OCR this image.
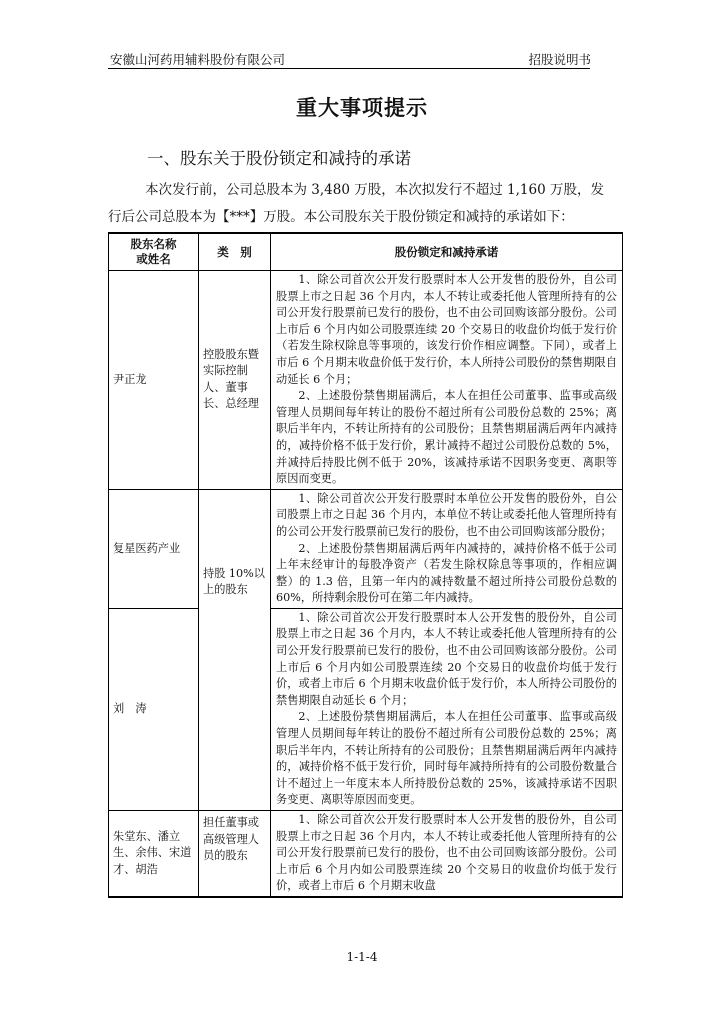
安徽山河药用辅料股份有限公司	招股说明书
重大事项提示
一、股东关于股份锁定和减持的承诺
本次发行前，公司总股本为 3,480 万股，本次拟发行不超过 1,160 万股，发
行后公司总股本为【***】万股。本公司股东关于股份锁定和减持的承诺如下：
股东名称或姓名	类　别	股份锁定和减持承诺
尹正龙	控股股东暨实际控制人、董事长、总经理	1、除公司首次公开发行股票时本人公开发售的股份外，自公司股票上市之日起 36 个月内，本人不转让或委托他人管理所持有的公司公开发行股票前已发行的股份，也不由公司回购该部分股份。公司上市后 6 个月内如公司股票连续 20 个交易日的收盘价均低于发行价（若发生除权除息等事项的，该发行价作相应调整。下同），或者上市后 6 个月期末收盘价低于发行价，本人所持公司股份的禁售期限自动延长 6 个月；

2、上述股份禁售期届满后，本人在担任公司董事、监事或高级管理人员期间每年转让的股份不超过所有公司股份总数的 25%；离职后半年内，不转让所持有的公司股份；且禁售期届满后两年内减持的，减持价格不低于发行价，累计减持不超过公司股份总数的 5%，并减持后持股比例不低于 20%，该减持承诺不因职务变更、离职等原因而变更。

复星医药产业	持股 10%以上的股东	1、除公司首次公开发行股票时本单位公开发售的股份外，自公司股票上市之日起 36 个月内，本单位不转让或委托他人管理所持有的公司公开发行股票前已发行的股份，也不由公司回购该部分股份；

2、上述股份禁售期届满后两年内减持的，减持价格不低于公司上年末经审计的每股净资产（若发生除权除息等事项的，作相应调整）的 1.3 倍，且第一年内的减持数量不超过所持公司股份总数的 60%，所持剩余股份可在第二年内减持。

刘　涛		1、除公司首次公开发行股票时本人公开发售的股份外，自公司股票上市之日起 36 个月内，本人不转让或委托他人管理所持有的公司公开发行股票前已发行的股份，也不由公司回购该部分股份。公司上市后 6 个月内如公司股票连续 20 个交易日的收盘价均低于发行价，或者上市后 6 个月期末收盘价低于发行价，本人所持公司股份的禁售期限自动延长 6 个月；

2、上述股份禁售期届满后，本人在担任公司董事、监事或高级管理人员期间每年转让的股份不超过所有公司股份总数的 25%；离职后半年内，不转让所持有的公司股份；且禁售期届满后两年内减持的，减持价格不低于发行价，同时每年减持所持有的公司股份数量合计不超过上一年度末本人所持股份总数的 25%，该减持承诺不因职务变更、离职等原因而变更。

朱堂东、潘立生、余伟、宋道才、胡浩	担任董事或高级管理人员的股东	1、除公司首次公开发行股票时本人公开发售的股份外，自公司股票上市之日起 36 个月内，本人不转让或委托他人管理所持有的公司公开发行股票前已发行的股份，也不由公司回购该部分股份。公司上市后 6 个月内如公司股票连续 20 个交易日的收盘价均低于发行价，或者上市后 6 个月期末收盘

1-1-4
